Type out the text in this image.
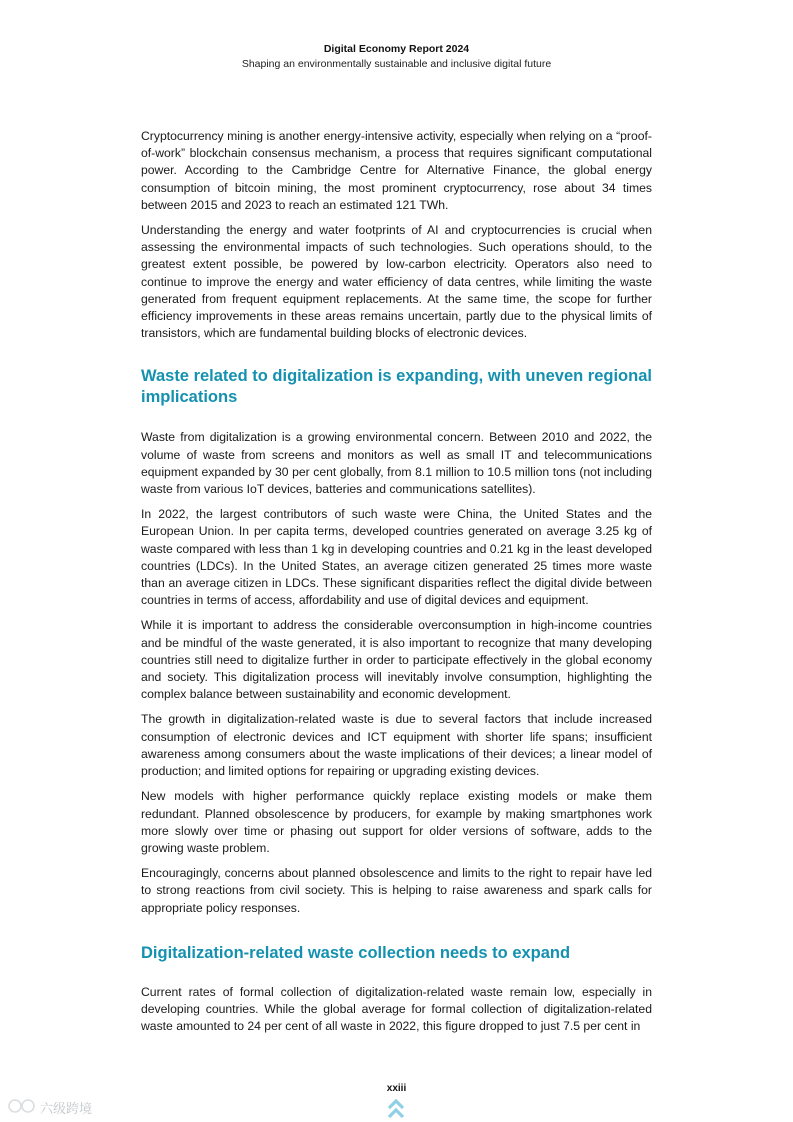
Digital Economy Report 2024
Shaping an environmentally sustainable and inclusive digital future

Cryptocurrency mining is another energy-intensive activity, especially when relying on a “proof-of-work” blockchain consensus mechanism, a process that requires significant computational power. According to the Cambridge Centre for Alternative Finance, the global energy consumption of bitcoin mining, the most prominent cryptocurrency, rose about 34 times between 2015 and 2023 to reach an estimated 121 TWh.

Understanding the energy and water footprints of AI and cryptocurrencies is crucial when assessing the environmental impacts of such technologies. Such operations should, to the greatest extent possible, be powered by low-carbon electricity. Operators also need to continue to improve the energy and water efficiency of data centres, while limiting the waste generated from frequent equipment replacements. At the same time, the scope for further efficiency improvements in these areas remains uncertain, partly due to the physical limits of transistors, which are fundamental building blocks of electronic devices.

Waste related to digitalization is expanding, with uneven regional implications

Waste from digitalization is a growing environmental concern. Between 2010 and 2022, the volume of waste from screens and monitors as well as small IT and telecommunications equipment expanded by 30 per cent globally, from 8.1 million to 10.5 million tons (not including waste from various IoT devices, batteries and communications satellites).

In 2022, the largest contributors of such waste were China, the United States and the European Union. In per capita terms, developed countries generated on average 3.25 kg of waste compared with less than 1 kg in developing countries and 0.21 kg in the least developed countries (LDCs). In the United States, an average citizen generated 25 times more waste than an average citizen in LDCs. These significant disparities reflect the digital divide between countries in terms of access, affordability and use of digital devices and equipment.

While it is important to address the considerable overconsumption in high-income countries and be mindful of the waste generated, it is also important to recognize that many developing countries still need to digitalize further in order to participate effectively in the global economy and society. This digitalization process will inevitably involve consumption, highlighting the complex balance between sustainability and economic development.

The growth in digitalization-related waste is due to several factors that include increased consumption of electronic devices and ICT equipment with shorter life spans; insufficient awareness among consumers about the waste implications of their devices; a linear model of production; and limited options for repairing or upgrading existing devices.

New models with higher performance quickly replace existing models or make them redundant. Planned obsolescence by producers, for example by making smartphones work more slowly over time or phasing out support for older versions of software, adds to the growing waste problem.

Encouragingly, concerns about planned obsolescence and limits to the right to repair have led to strong reactions from civil society. This is helping to raise awareness and spark calls for appropriate policy responses.

Digitalization-related waste collection needs to expand

Current rates of formal collection of digitalization-related waste remain low, especially in developing countries. While the global average for formal collection of digitalization-related waste amounted to 24 per cent of all waste in 2022, this figure dropped to just 7.5 per cent in

xxiii
六级跨境
